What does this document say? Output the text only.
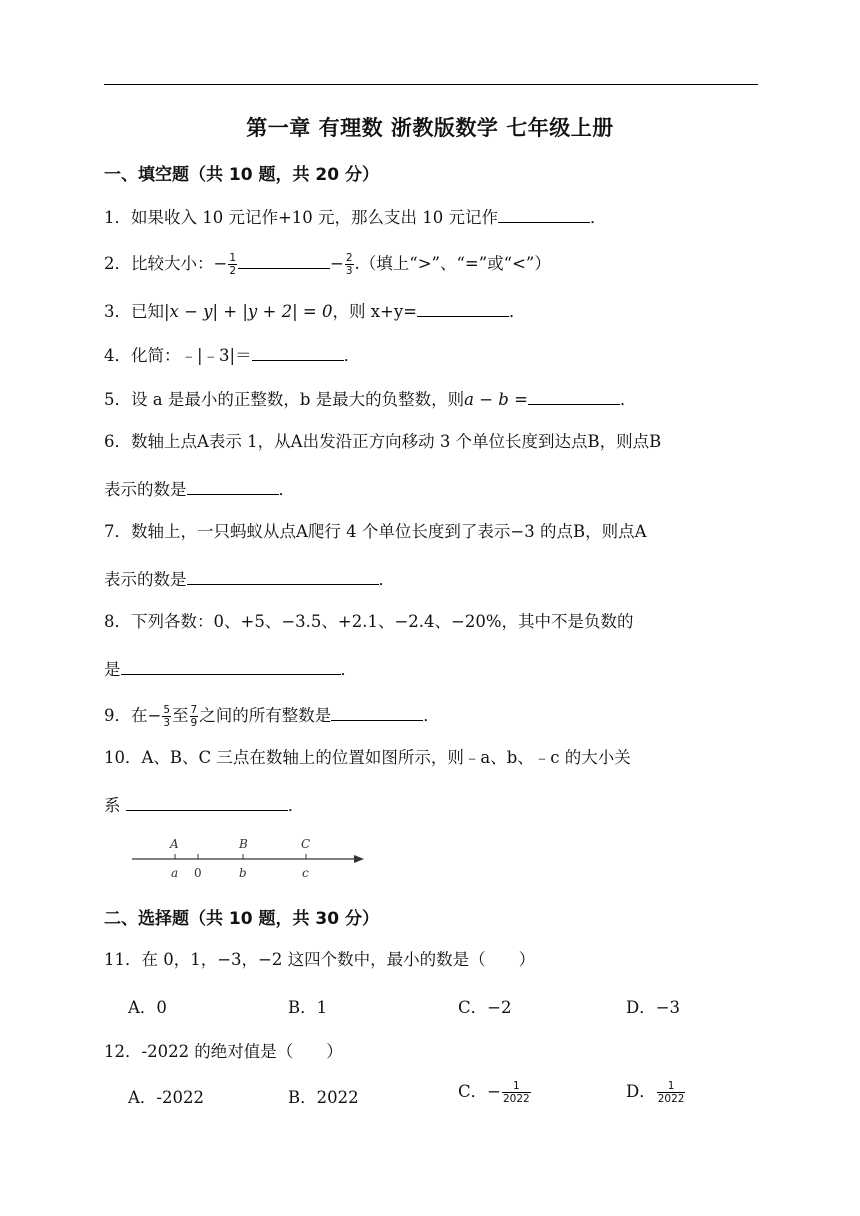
第一章 有理数 浙教版数学 七年级上册
一、填空题（共 10 题，共 20 分）
1．如果收入 10 元记作+10 元，那么支出 10 元记作	．
2．比较大小：− $\frac{1}{2}$	− $\frac{2}{3}$ .（填上“>”、“=”或“<”）
3．已知|x − y| + |y + 2| = 0，则 x+y=	．
4．化简：﹣|﹣3|＝	．
5．设 a 是最小的正整数，b 是最大的负整数，则a − b =	．
6．数轴上点A表示 1，从A出发沿正方向移动 3 个单位长度到达点B，则点B
表示的数是	．
7．数轴上，一只蚂蚁从点A爬行 4 个单位长度到了表示−3 的点B，则点A
表示的数是	．
8．下列各数：0、+5、−3.5、+2.1、−2.4、−20%，其中不是负数的
是	．
9．在− $\frac{5}{3}$ 至 $\frac{7}{9}$ 之间的所有整数是	．
10．A、B、C 三点在数轴上的位置如图所示，则﹣a、b、﹣c 的大小关
系	．
A	B	C
a 0	b	c
二、选择题（共 10 题，共 30 分）
11．在 0，1，−3，−2 这四个数中，最小的数是（　　）
A．0	B．1	C．−2	D．−3
12．-2022 的绝对值是（　　）
A．-2022	B．2022	C．− $\frac{1}{2022}$	D． $\frac{1}{2022}$
